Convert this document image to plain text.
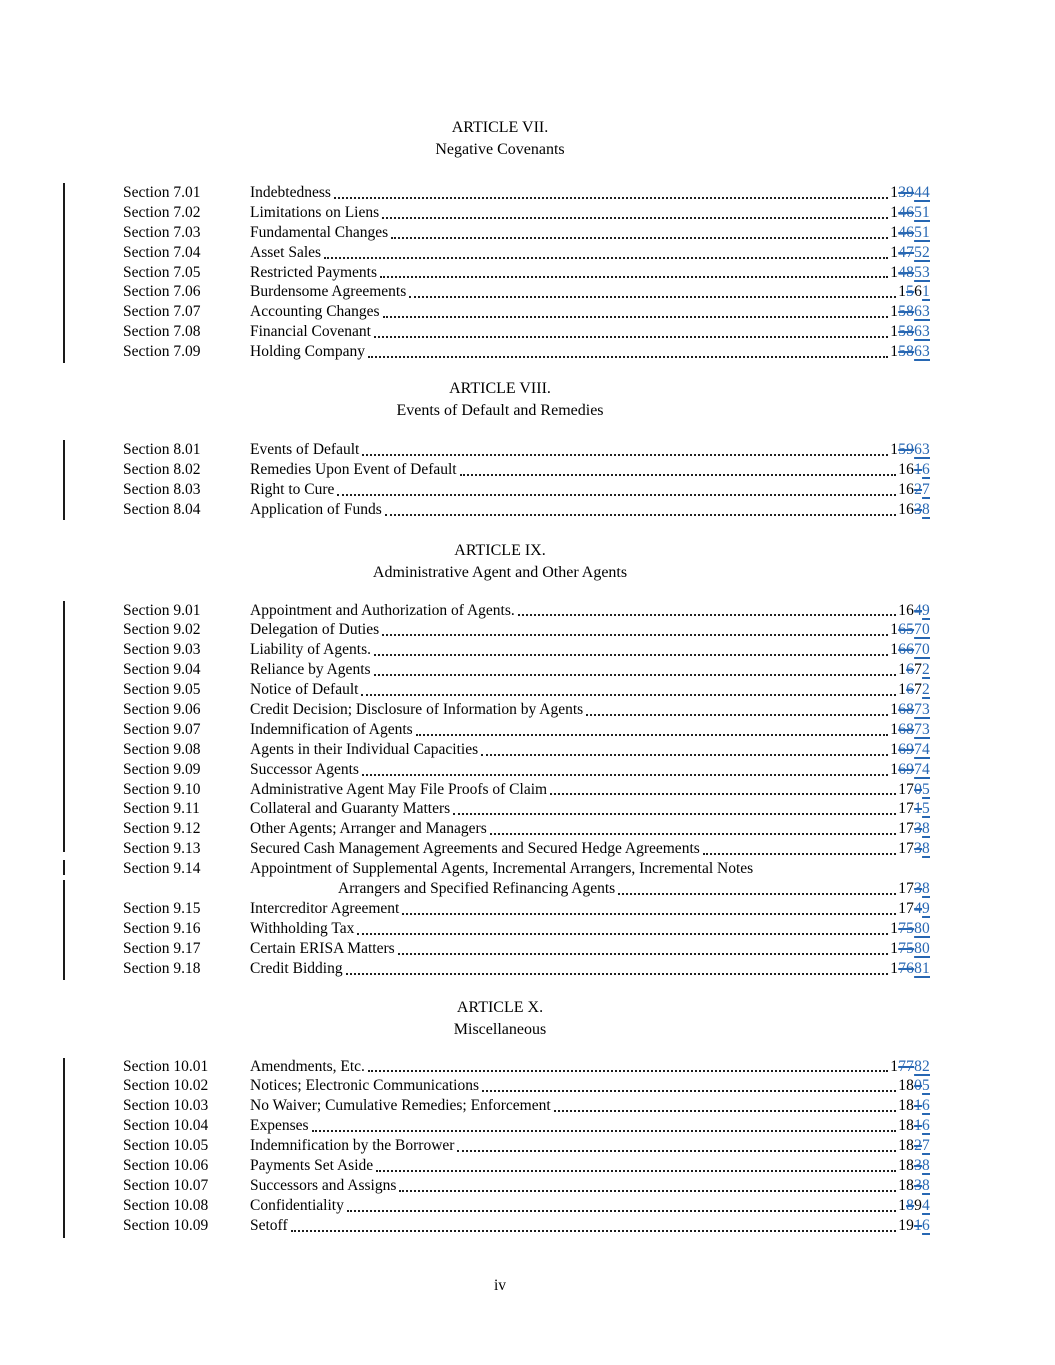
ARTICLE VII.
Negative Covenants
Section 7.01	Indebtedness	13944
Section 7.02	Limitations on Liens	14651
Section 7.03	Fundamental Changes	14651
Section 7.04	Asset Sales	14752
Section 7.05	Restricted Payments	14853
Section 7.06	Burdensome Agreements	1561
Section 7.07	Accounting Changes	15863
Section 7.08	Financial Covenant	15863
Section 7.09	Holding Company	15863
ARTICLE VIII.
Events of Default and Remedies
Section 8.01	Events of Default	15963
Section 8.02	Remedies Upon Event of Default	1616
Section 8.03	Right to Cure	1627
Section 8.04	Application of Funds	1638
ARTICLE IX.
Administrative Agent and Other Agents
Section 9.01	Appointment and Authorization of Agents.	1649
Section 9.02	Delegation of Duties	16570
Section 9.03	Liability of Agents.	16670
Section 9.04	Reliance by Agents	1672
Section 9.05	Notice of Default	1672
Section 9.06	Credit Decision; Disclosure of Information by Agents	16873
Section 9.07	Indemnification of Agents	16873
Section 9.08	Agents in their Individual Capacities	16974
Section 9.09	Successor Agents	16974
Section 9.10	Administrative Agent May File Proofs of Claim	1705
Section 9.11	Collateral and Guaranty Matters	1715
Section 9.12	Other Agents; Arranger and Managers	1738
Section 9.13	Secured Cash Management Agreements and Secured Hedge Agreements	1738
Section 9.14	Appointment of Supplemental Agents, Incremental Arrangers, Incremental Notes
Arrangers and Specified Refinancing Agents	1738
Section 9.15	Intercreditor Agreement	1749
Section 9.16	Withholding Tax	17580
Section 9.17	Certain ERISA Matters	17580
Section 9.18	Credit Bidding	17681
ARTICLE X.
Miscellaneous
Section 10.01	Amendments, Etc.	17782
Section 10.02	Notices; Electronic Communications	1805
Section 10.03	No Waiver; Cumulative Remedies; Enforcement	1816
Section 10.04	Expenses	1816
Section 10.05	Indemnification by the Borrower	1827
Section 10.06	Payments Set Aside	1838
Section 10.07	Successors and Assigns	1838
Section 10.08	Confidentiality	1894
Section 10.09	Setoff	1916
iv
